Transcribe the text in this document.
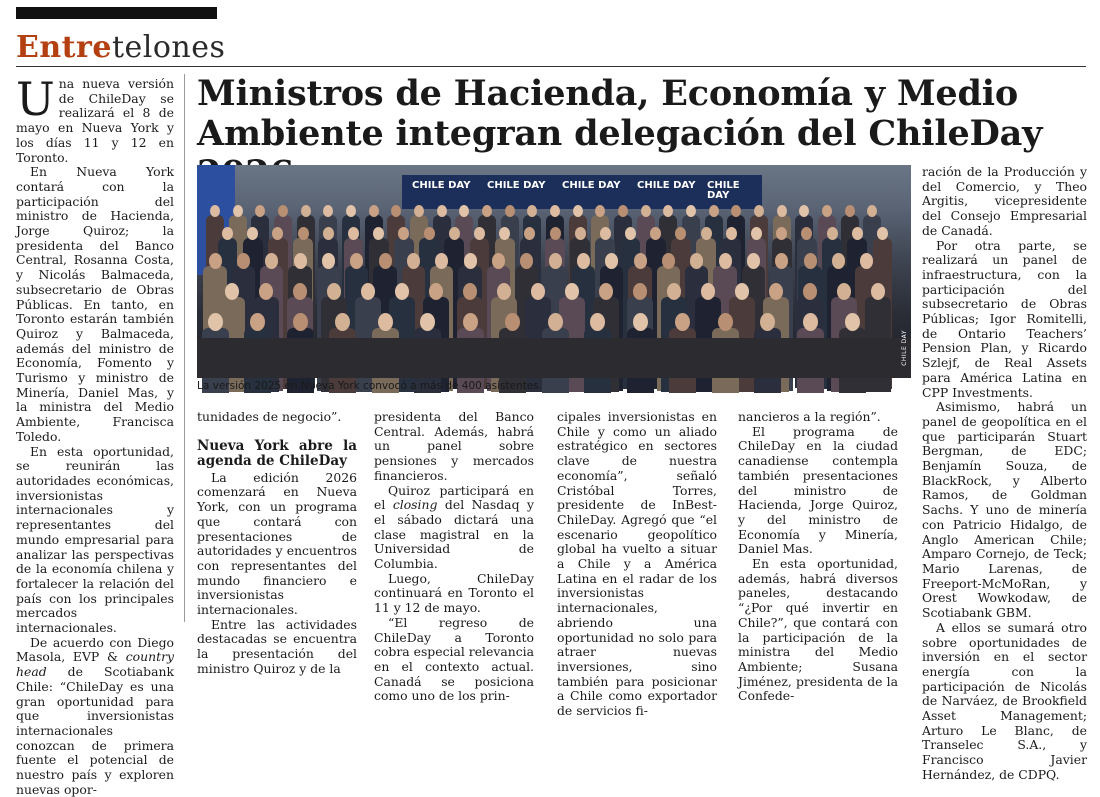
Entretelones

Una nueva versión de ChileDay se realizará el 8 de mayo en Nueva York y los días 11 y 12 en Toronto.

En Nueva York contará con la participación del ministro de Hacienda, Jorge Quiroz; la presidenta del Banco Central, Rosanna Costa, y Nicolás Balmaceda, subsecretario de Obras Públicas. En tanto, en Toronto estarán también Quiroz y Balmaceda, además del ministro de Economía, Fomento y Turismo y ministro de Minería, Daniel Mas, y la ministra del Medio Ambiente, Francisca Toledo.

En esta oportunidad, se reunirán las autoridades económicas, inversionistas internacionales y representantes del mundo empresarial para analizar las perspectivas de la economía chilena y fortalecer la relación del país con los principales mercados internacionales.

De acuerdo con Diego Masola, EVP & country head de Scotiabank Chile: “ChileDay es una gran oportunidad para que inversionistas internacionales conozcan de primera fuente el potencial de nuestro país y exploren nuevas opor-

Ministros de Hacienda, Economía y Medio Ambiente integran delegación del ChileDay
CHILE DAY CHILE DAY CHILE DAY CHILE DAY CHILE DAY
CHILE DAY
La versión 2025 en Nueva York convocó a más de 400 asistentes.

tunidades de negocio”.

Nueva York abre la agenda de ChileDay

La edición 2026 comenzará en Nueva York, con un programa que contará con presentaciones de autoridades y encuentros con representantes del mundo financiero e inversionistas internacionales.

Entre las actividades destacadas se encuentra la presentación del ministro Quiroz y de la

presidenta del Banco Central. Además, habrá un panel sobre pensiones y mercados financieros.

Quiroz participará en el closing del Nasdaq y el sábado dictará una clase magistral en la Universidad de Columbia.

Luego, ChileDay continuará en Toronto el 11 y 12 de mayo.

“El regreso de ChileDay a Toronto cobra especial relevancia en el contexto actual. Canadá se posiciona como uno de los prin-

cipales inversionistas en Chile y como un aliado estratégico en sectores clave de nuestra economía”, señaló Cristóbal Torres, presidente de InBest-ChileDay. Agregó que “el escenario geopolítico global ha vuelto a situar a Chile y a América Latina en el radar de los inversionistas internacionales, abriendo una oportunidad no solo para atraer nuevas inversiones, sino también para posicionar a Chile como exportador de servicios fi-

nancieros a la región”.

El programa de ChileDay en la ciudad canadiense contempla también presentaciones del ministro de Hacienda, Jorge Quiroz, y del ministro de Economía y Minería, Daniel Mas.

En esta oportunidad, además, habrá diversos paneles, destacando “¿Por qué invertir en Chile?”, que contará con la participación de la ministra del Medio Ambiente; Susana Jiménez, presidenta de la Confede-

ración de la Producción y del Comercio, y Theo Argitis, vicepresidente del Consejo Empresarial de Canadá.

Por otra parte, se realizará un panel de infraestructura, con la participación del subsecretario de Obras Públicas; Igor Romitelli, de Ontario Teachers’ Pension Plan, y Ricardo Szlejf, de Real Assets para América Latina en CPP Investments.

Asimismo, habrá un panel de geopolítica en el que participarán Stuart Bergman, de EDC; Benjamín Souza, de BlackRock, y Alberto Ramos, de Goldman Sachs. Y uno de minería con Patricio Hidalgo, de Anglo American Chile; Amparo Cornejo, de Teck; Mario Larenas, de Freeport-McMoRan, y Orest Wowkodaw, de Scotiabank GBM.

A ellos se sumará otro sobre oportunidades de inversión en el sector energía con la participación de Nicolás de Narváez, de Brookfield Asset Management; Arturo Le Blanc, de Transelec S.A., y Francisco Javier Hernández, de CDPQ.
